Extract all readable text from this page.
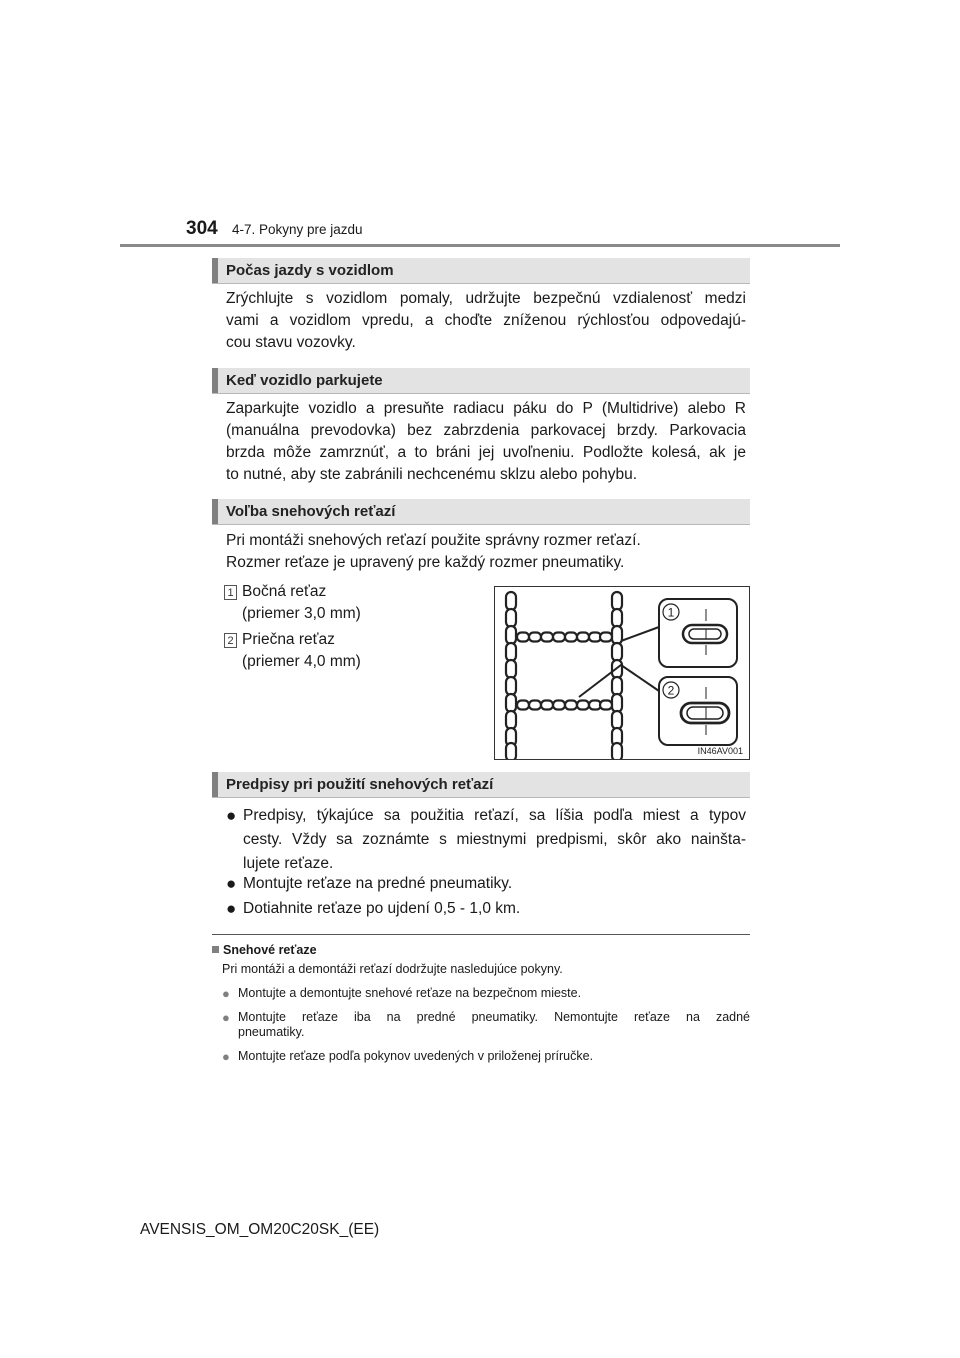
304 4-7. Pokyny pre jazdu
Počas jazdy s vozidlom

Zrýchlujte s vozidlom pomaly, udržujte bezpečnú vzdialenosť medzi
vami a vozidlom vpredu, a choďte zníženou rýchlosťou odpovedajú-
cou stavu vozovky.

Keď vozidlo parkujete

Zaparkujte vozidlo a presuňte radiacu páku do P (Multidrive) alebo R
(manuálna prevodovka) bez zabrzdenia parkovacej brzdy. Parkovacia
brzda môže zamrznúť, a to bráni jej uvoľneniu. Podložte kolesá, ak je
to nutné, aby ste zabránili nechcenému sklzu alebo pohybu.

Voľba snehových reťazí

Pri montáži snehových reťazí použite správny rozmer reťazí.
Rozmer reťaze je upravený pre každý rozmer pneumatiky.

1 Bočná reťaz
(priemer 3,0 mm)
2 Priečna reťaz
(priemer 4,0 mm)
1
2
IN46AV001
Predpisy pri použití snehových reťazí
● Predpisy, týkajúce sa použitia reťazí, sa líšia podľa miest a typov
cesty. Vždy sa zoznámte s miestnymi predpismi, skôr ako nainšta-
lujete reťaze.
● Montujte reťaze na predné pneumatiky.
● Dotiahnite reťaze po ujdení 0,5 - 1,0 km.
Snehové reťaze
Pri montáži a demontáži reťazí dodržujte nasledujúce pokyny.
● Montujte a demontujte snehové reťaze na bezpečnom mieste.
● Montujte reťaze iba na predné pneumatiky. Nemontujte reťaze na zadné
pneumatiky.
● Montujte reťaze podľa pokynov uvedených v priloženej príručke.
AVENSIS_OM_OM20C20SK_(EE)
